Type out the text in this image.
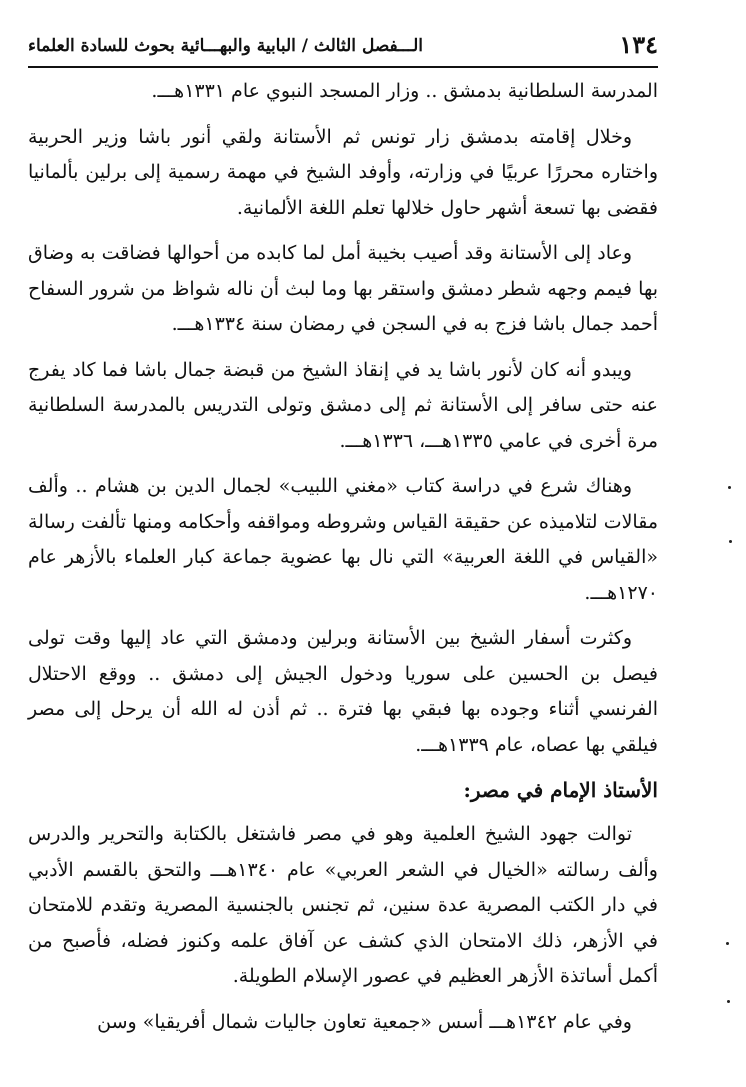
١٣٤
الـــفصل الثالث / البابية والبهـــائية بحوث للسادة العلماء

المدرسة السلطانية بدمشق .. وزار المسجد النبوي عام ١٣٣١هـــ.

وخلال إقامته بدمشق زار تونس ثم الأستانة ولقي أنور باشا وزير الحربية واختاره محررًا عربيًا في وزارته، وأوفد الشيخ في مهمة رسمية إلى برلين بألمانيا فقضى بها تسعة أشهر حاول خلالها تعلم اللغة الألمانية.

وعاد إلى الأستانة وقد أصيب بخيبة أمل لما كابده من أحوالها فضاقت به وضاق بها فيمم وجهه شطر دمشق واستقر بها وما لبث أن ناله شواظ من شرور السفاح أحمد جمال باشا فزج به في السجن في رمضان سنة ١٣٣٤هـــ.

ويبدو أنه كان لأنور باشا يد في إنقاذ الشيخ من قبضة جمال باشا فما كاد يفرج عنه حتى سافر إلى الأستانة ثم إلى دمشق وتولى التدريس بالمدرسة السلطانية مرة أخرى في عامي ١٣٣٥هـــ، ١٣٣٦هـــ.

وهناك شرع في دراسة كتاب «مغني اللبيب» لجمال الدين بن هشام .. وألف مقالات لتلاميذه عن حقيقة القياس وشروطه ومواقفه وأحكامه ومنها تألفت رسالة «القياس في اللغة العربية» التي نال بها عضوية جماعة كبار العلماء بالأزهر عام ١٢٧٠هـــ.

وكثرت أسفار الشيخ بين الأستانة وبرلين ودمشق التي عاد إليها وقت تولى فيصل بن الحسين على سوريا ودخول الجيش إلى دمشق .. ووقع الاحتلال الفرنسي أثناء وجوده بها فبقي بها فترة .. ثم أذن له الله أن يرحل إلى مصر فيلقي بها عصاه، عام ١٣٣٩هـــ.

الأستاذ الإمام في مصر:

توالت جهود الشيخ العلمية وهو في مصر فاشتغل بالكتابة والتحرير والدرس وألف رسالته «الخيال في الشعر العربي» عام ١٣٤٠هـــ والتحق بالقسم الأدبي في دار الكتب المصرية عدة سنين، ثم تجنس بالجنسية المصرية وتقدم للامتحان في الأزهر، ذلك الامتحان الذي كشف عن آفاق علمه وكنوز فضله، فأصبح من أكمل أساتذة الأزهر العظيم في عصور الإسلام الطويلة.

وفي عام ١٣٤٢هـــ أسس «جمعية تعاون جاليات شمال أفريقيا» وسن
